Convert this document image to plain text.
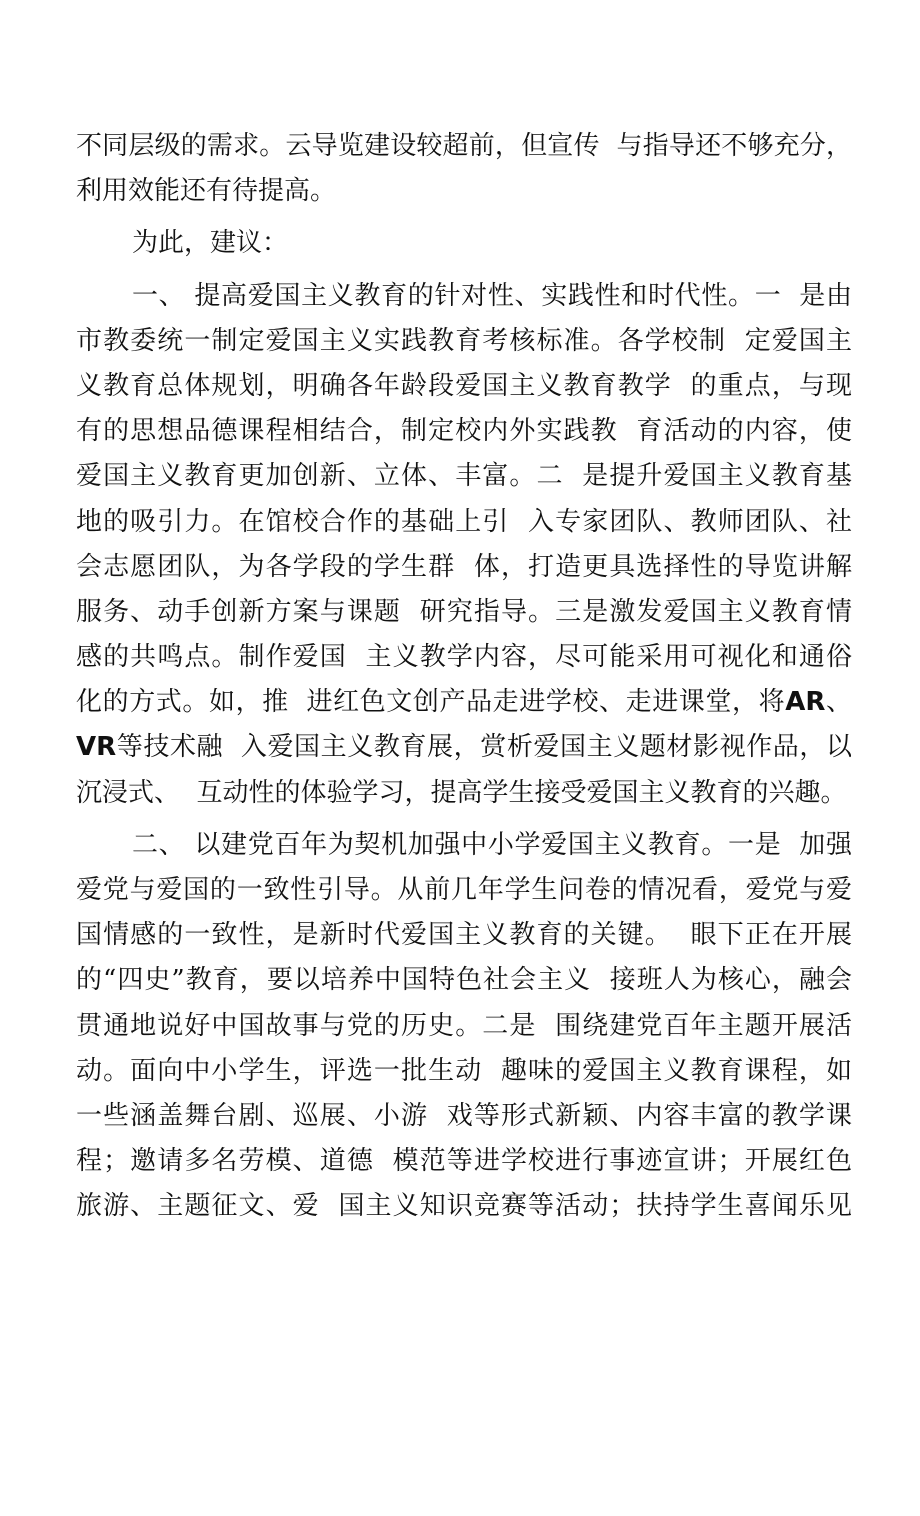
不同层级的需求。云导览建设较超前，但宣传  与指导还不够充分，
利用效能还有待提高。
为此，建议：
一、 提高爱国主义教育的针对性、实践性和时代性。一  是由
市教委统一制定爱国主义实践教育考核标准。各学校制  定爱国主
义教育总体规划，明确各年龄段爱国主义教育教学  的重点，与现
有的思想品德课程相结合，制定校内外实践教  育活动的内容，使
爱国主义教育更加创新、立体、丰富。二  是提升爱国主义教育基
地的吸引力。在馆校合作的基础上引  入专家团队、教师团队、社
会志愿团队，为各学段的学生群  体，打造更具选择性的导览讲解
服务、动手创新方案与课题  研究指导。三是激发爱国主义教育情
感的共鸣点。制作爱国  主义教学内容，尽可能采用可视化和通俗
化的方式。如，推  进红色文创产品走进学校、走进课堂，将AR、
VR等技术融  入爱国主义教育展，赏析爱国主义题材影视作品，以
沉浸式、  互动性的体验学习，提高学生接受爱国主义教育的兴趣。
二、 以建党百年为契机加强中小学爱国主义教育。一是  加强
爱党与爱国的一致性引导。从前几年学生问卷的情况看，爱党与爱
国情感的一致性，是新时代爱国主义教育的关键。  眼下正在开展
的“四史”教育，要以培养中国特色社会主义  接班人为核心，融会
贯通地说好中国故事与党的历史。二是  围绕建党百年主题开展活
动。面向中小学生，评选一批生动  趣味的爱国主义教育课程，如
一些涵盖舞台剧、巡展、小游  戏等形式新颖、内容丰富的教学课
程；邀请多名劳模、道德  模范等进学校进行事迹宣讲；开展红色
旅游、主题征文、爱  国主义知识竞赛等活动；扶持学生喜闻乐见
